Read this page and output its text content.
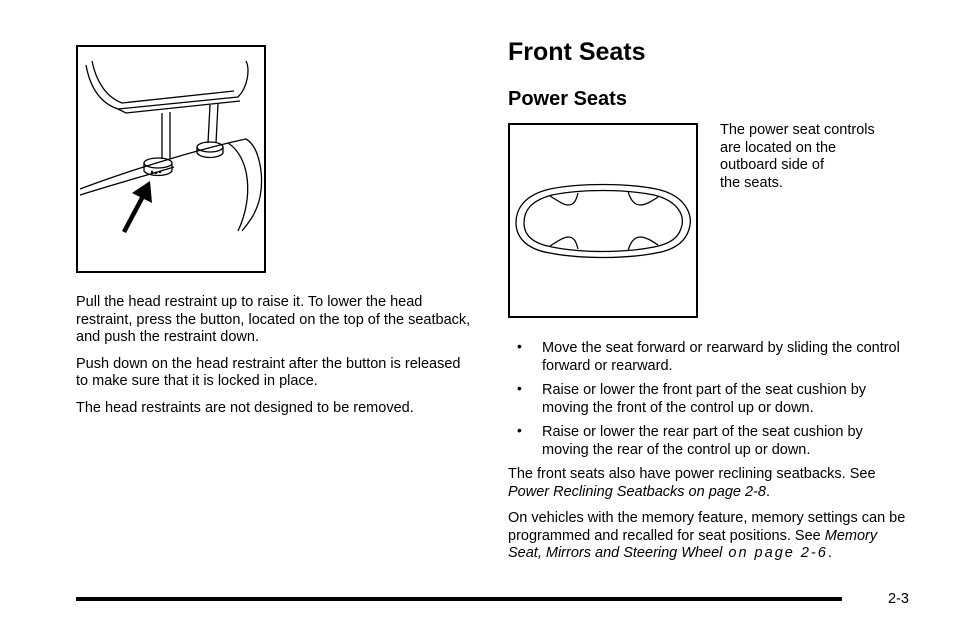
Pull the head restraint up to raise it. To lower the head restraint, press the button, located on the top of the seatback, and push the restraint down.

Push down on the head restraint after the button is released to make sure that it is locked in place.

The head restraints are not designed to be removed.

Front Seats
Power Seats
The power seat controls
are located on the
outboard side of
the seats.
• Move the seat forward or rearward by sliding the control forward or rearward.
• Raise or lower the front part of the seat cushion by moving the front of the control up or down.
• Raise or lower the rear part of the seat cushion by moving the rear of the control up or down.

The front seats also have power reclining seatbacks. See Power Reclining Seatbacks on page 2-8.

On vehicles with the memory feature, memory settings can be programmed and recalled for seat positions. See Memory Seat, Mirrors and Steering Wheel on page 2-6.

2-3
